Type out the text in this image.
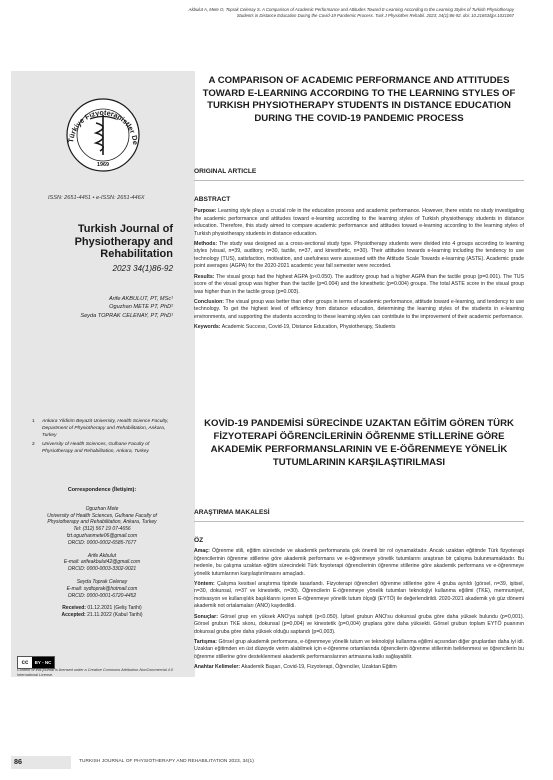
Akbulut A, Mete O, Toprak Celenay S. A Comparison of Academic Performance and Attitudes Toward E-Learning According to the Learning Styles of Turkish Physiotherapy
Students in Distance Education During the Covid-19 Pandemic Process. Turk J Physiother Rehabil. 2023; 34(1):86-92. doi: 10.21653/tjpr.1031067
Türkiye Fizyoterapistler De
1969
ISSN: 2651-4451 • e-ISSN: 2651-446X
Turkish Journal of
Physiotherapy and
Rehabilitation
2023 34(1)86-92
Arife AKBULUT, PT, MSc¹
Oguzhan METE PT, PhD²
Seyda TOPRAK CELENAY, PT, PhD¹
1 Ankara Yildirim Beyazit University, Health Science Faculty, Department of Physiotherapy and Rehabilitation, Ankara, Turkey
2 University of Health Sciences, Gulhane Faculty of Physiotherapy and Rehabilitation, Ankara, Turkey
Correspondence (İletişim):
Oguzhan Mete
University of Health Sciences, Gulhane Faculty of
Physiotherapy and Rehabilitation, Ankara, Turkey
Tel: (312) 567 19 07-4656
fzt.oguzhanmete06@gmail.com
ORCID: 0000-0002-6585-7677
Arife Akbulut
E-mail: arifeakbulut42@gmail.com
ORCID: 0000-0003-3302-9021
Seyda Toprak Celenay
E-mail: sydtoprak@hotmail.com
ORCID: 0000-0001-6720-4452
Received: 01.12.2021 (Geliş Tarihi)
Accepted: 21.11.2022 (Kabul Tarihi)
cc	BY - NC
Content of this journal is licensed under a Creative Commons Attribution-NonCommercial 4.0 International License.
A COMPARISON OF ACADEMIC PERFORMANCE AND ATTITUDES TOWARD E-LEARNING ACCORDING TO THE LEARNING STYLES OF TURKISH PHYSIOTHERAPY STUDENTS IN DISTANCE EDUCATION DURING THE COVID-19 PANDEMIC PROCESS
ORIGINAL ARTICLE
ABSTRACT

Purpose: Learning style plays a crucial role in the education process and academic performance. However, there exists no study investigating the academic performance and attitudes toward e-learning according to the learning styles of Turkish physiotherapy students in distance education. Therefore, this study aimed to compare academic performance and attitudes toward e-learning according to the learning styles of Turkish physiotherapy students in distance education.

Methods: The study was designed as a cross-sectional study type. Physiotherapy students were divided into 4 groups according to learning styles (visual, n=39, auditory, n=30, tactile, n=37, and kinesthetic, n=30). Their attitudes towards e-learning including the tendency to use technology (TUS), satisfaction, motivation, and usefulness were assessed with the Attitude Scale Towards e-learning (ASTE). Academic grade point averages (AGPA) for the 2020-2021 academic year fall semester were recorded.

Results: The visual group had the highest AGPA (p<0.050). The auditory group had a higher AGPA than the tactile group (p=0.001). The TUS score of the visual group was higher than the tactile (p=0.004) and the kinesthetic (p=0.004) groups. The total ASTE score in the visual group was higher than in the tactile group (p=0.003).

Conclusion: The visual group was better than other groups in terms of academic performance, attitude toward e-learning, and tendency to use technology. To get the highest level of efficiency from distance education, determining the learning styles of the students in e-learning environments, and supporting the students according to these learning styles can contribute to the improvement of their academic performance.

Keywords: Academic Success, Covid-19, Distance Education, Physiotherapy, Students

KOVİD-19 PANDEMİSİ SÜRECİNDE UZAKTAN EĞİTİM GÖREN TÜRK FİZYOTERAPİ ÖĞRENCİLERİNİN ÖĞRENME STİLLERİNE GÖRE AKADEMİK PERFORMANSLARININ VE E-ÖĞRENMEYE YÖNELİK TUTUMLARININ KARŞILAŞTIRILMASI
ARAŞTIRMA MAKALESİ
ÖZ

Amaç: Öğrenme stili, eğitim sürecinde ve akademik performansta çok önemli bir rol oynamaktadır. Ancak uzaktan eğitimde Türk fizyoterapi öğrencilerinin öğrenme stillerine göre akademik performans ve e-öğrenmeye yönelik tutumlarını araştıran bir çalışma bulunmamaktadır. Bu nedenle, bu çalışma uzaktan eğitim sürecindeki Türk fizyoterapi öğrencilerinin öğrenme stillerine göre akademik performans ve e-öğrenmeye yönelik tutumlarının karşılaştırılmasını amaçladı.

Yöntem: Çalışma kesitsel araştırma tipinde tasarlandı. Fizyoterapi öğrencileri öğrenme stillerine göre 4 gruba ayrıldı (görsel, n=39, işitsel, n=30, dokunsal, n=37 ve kinestetik, n=30). Öğrencilerin E-öğrenmeye yönelik tutumları teknolojiyi kullanma eğilimi (TKE), memnuniyet, motivasyon ve kullanışlılık başlıklarını içeren E-öğrenmeye yönelik tutum ölçeği (EYTÖ) ile değerlendirildi. 2020-2021 akademik yılı güz dönemi akademik not ortalamaları (ANO) kaydedildi.

Sonuçlar: Görsel grup en yüksek ANO'ya sahipti (p<0.050). İşitsel grubun ANO'su dokunsal gruba göre daha yüksek bulundu (p=0,001). Görsel grubun TKE skoru, dokunsal (p=0,004) ve kinestetik (p=0,004) gruplara göre daha yüksekti. Görsel grubun toplam EYTÖ puanının dokunsal gruba göre daha yüksek olduğu saptandı (p=0,003).

Tartışma: Görsel grup akademik performans, e-öğrenmeye yönelik tutum ve teknolojiyi kullanma eğilimi açısından diğer gruplardan daha iyi idi. Uzaktan eğitimden en üst düzeyde verim alabilmek için e-öğrenme ortamlarında öğrencilerin öğrenme stillerinin belirlenmesi ve öğrencilerin bu öğrenme stillerine göre desteklenmesi akademik performanslarının artmasına katkı sağlayabilir.

Anahtar Kelimeler: Akademik Başarı, Covid-19, Fizyoterapi, Öğrenciler, Uzaktan Eğitim

86	TURKISH JOURNAL OF PHYSIOTHERAPY AND REHABILITATION 2023, 34(1)
